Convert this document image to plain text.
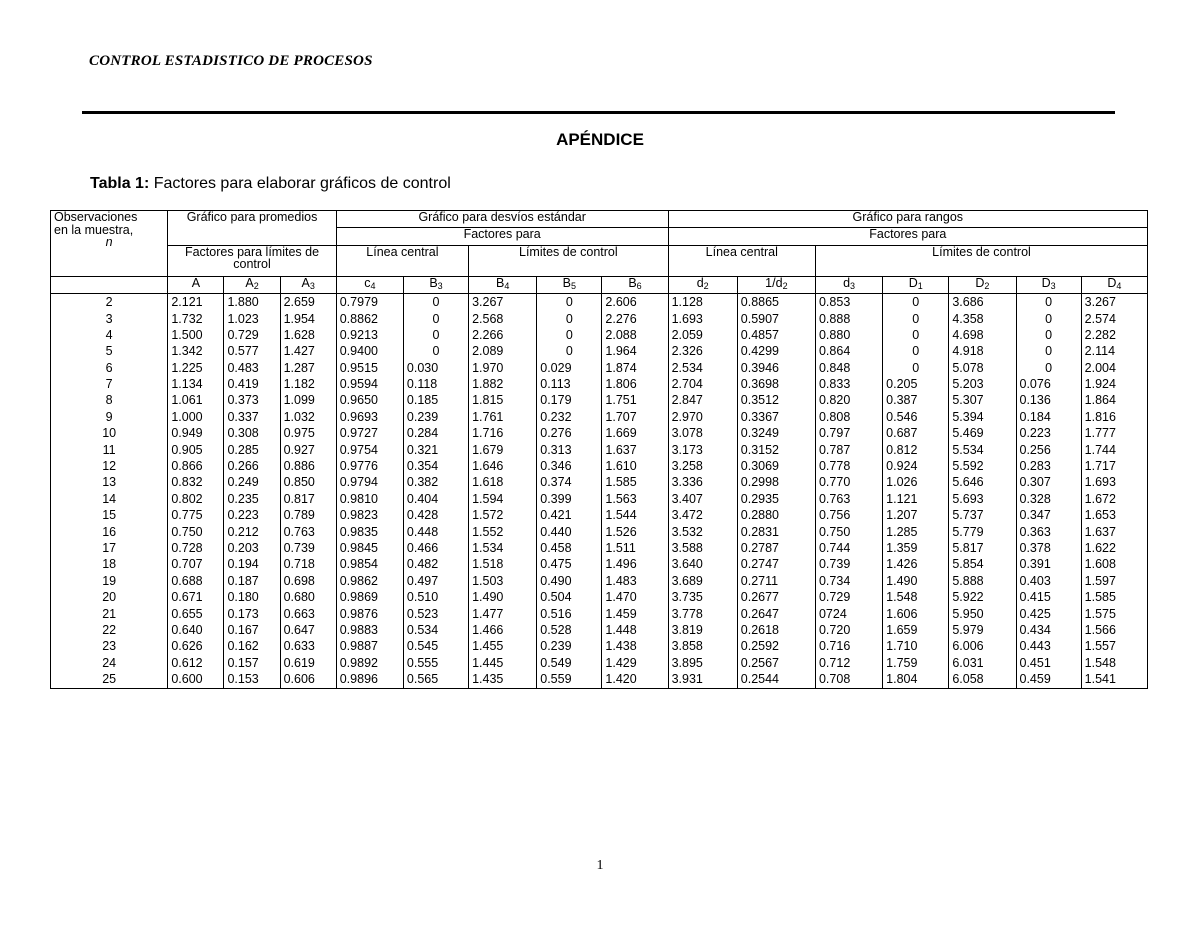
CONTROL ESTADISTICO DE PROCESOS
APÉNDICE
Tabla 1: Factores para elaborar gráficos de control
Observaciones
en la muestra,
n	Gráfico para promedios			Gráfico para desvíos estándar					Gráfico para rangos						
				Factores para					Factores para						
	Factores para límites de control			Línea central		Límites de control			Línea central		Límites de control				
	A	$A_2$	$A_3$	$c_4$	$B_3$	$B_4$	$B_5$	$B_6$	$d_2$	$1/d_2$	$d_3$	$D_1$	$D_2$	$D_3$	$D_4$
2	2.121	1.880	2.659	0.7979	0	3.267	0	2.606	1.128	0.8865	0.853	0	3.686	0	3.267
3	1.732	1.023	1.954	0.8862	0	2.568	0	2.276	1.693	0.5907	0.888	0	4.358	0	2.574
4	1.500	0.729	1.628	0.9213	0	2.266	0	2.088	2.059	0.4857	0.880	0	4.698	0	2.282
5	1.342	0.577	1.427	0.9400	0	2.089	0	1.964	2.326	0.4299	0.864	0	4.918	0	2.114
6	1.225	0.483	1.287	0.9515	0.030	1.970	0.029	1.874	2.534	0.3946	0.848	0	5.078	0	2.004
7	1.134	0.419	1.182	0.9594	0.118	1.882	0.113	1.806	2.704	0.3698	0.833	0.205	5.203	0.076	1.924
8	1.061	0.373	1.099	0.9650	0.185	1.815	0.179	1.751	2.847	0.3512	0.820	0.387	5.307	0.136	1.864
9	1.000	0.337	1.032	0.9693	0.239	1.761	0.232	1.707	2.970	0.3367	0.808	0.546	5.394	0.184	1.816
10	0.949	0.308	0.975	0.9727	0.284	1.716	0.276	1.669	3.078	0.3249	0.797	0.687	5.469	0.223	1.777
11	0.905	0.285	0.927	0.9754	0.321	1.679	0.313	1.637	3.173	0.3152	0.787	0.812	5.534	0.256	1.744
12	0.866	0.266	0.886	0.9776	0.354	1.646	0.346	1.610	3.258	0.3069	0.778	0.924	5.592	0.283	1.717
13	0.832	0.249	0.850	0.9794	0.382	1.618	0.374	1.585	3.336	0.2998	0.770	1.026	5.646	0.307	1.693
14	0.802	0.235	0.817	0.9810	0.404	1.594	0.399	1.563	3.407	0.2935	0.763	1.121	5.693	0.328	1.672
15	0.775	0.223	0.789	0.9823	0.428	1.572	0.421	1.544	3.472	0.2880	0.756	1.207	5.737	0.347	1.653
16	0.750	0.212	0.763	0.9835	0.448	1.552	0.440	1.526	3.532	0.2831	0.750	1.285	5.779	0.363	1.637
17	0.728	0.203	0.739	0.9845	0.466	1.534	0.458	1.511	3.588	0.2787	0.744	1.359	5.817	0.378	1.622
18	0.707	0.194	0.718	0.9854	0.482	1.518	0.475	1.496	3.640	0.2747	0.739	1.426	5.854	0.391	1.608
19	0.688	0.187	0.698	0.9862	0.497	1.503	0.490	1.483	3.689	0.2711	0.734	1.490	5.888	0.403	1.597
20	0.671	0.180	0.680	0.9869	0.510	1.490	0.504	1.470	3.735	0.2677	0.729	1.548	5.922	0.415	1.585
21	0.655	0.173	0.663	0.9876	0.523	1.477	0.516	1.459	3.778	0.2647	0724	1.606	5.950	0.425	1.575
22	0.640	0.167	0.647	0.9883	0.534	1.466	0.528	1.448	3.819	0.2618	0.720	1.659	5.979	0.434	1.566
23	0.626	0.162	0.633	0.9887	0.545	1.455	0.239	1.438	3.858	0.2592	0.716	1.710	6.006	0.443	1.557
24	0.612	0.157	0.619	0.9892	0.555	1.445	0.549	1.429	3.895	0.2567	0.712	1.759	6.031	0.451	1.548
25	0.600	0.153	0.606	0.9896	0.565	1.435	0.559	1.420	3.931	0.2544	0.708	1.804	6.058	0.459	1.541
1
